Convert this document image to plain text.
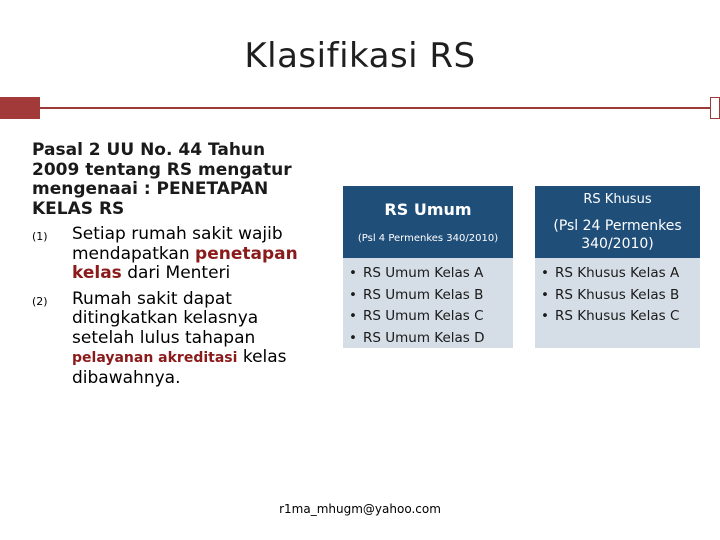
Klasifikasi RS
Pasal 2 UU No. 44 Tahun 2009 tentang RS mengatur mengenaai : PENETAPAN KELAS RS
(1) Setiap rumah sakit wajib mendapatkan penetapan kelas dari Menteri
(2) Rumah sakit dapat ditingkatkan kelasnya setelah lulus tahapan pelayanan akreditasi kelas dibawahnya.
RS Umum
(Psl 4 Permenkes 340/2010)
• RS Umum Kelas A
• RS Umum Kelas B
• RS Umum Kelas C
• RS Umum Kelas D
RS Khusus
(Psl 24 Permenkes 340/2010)
• RS Khusus Kelas A
• RS Khusus Kelas B
• RS Khusus Kelas C
r1ma_mhugm@yahoo.com
